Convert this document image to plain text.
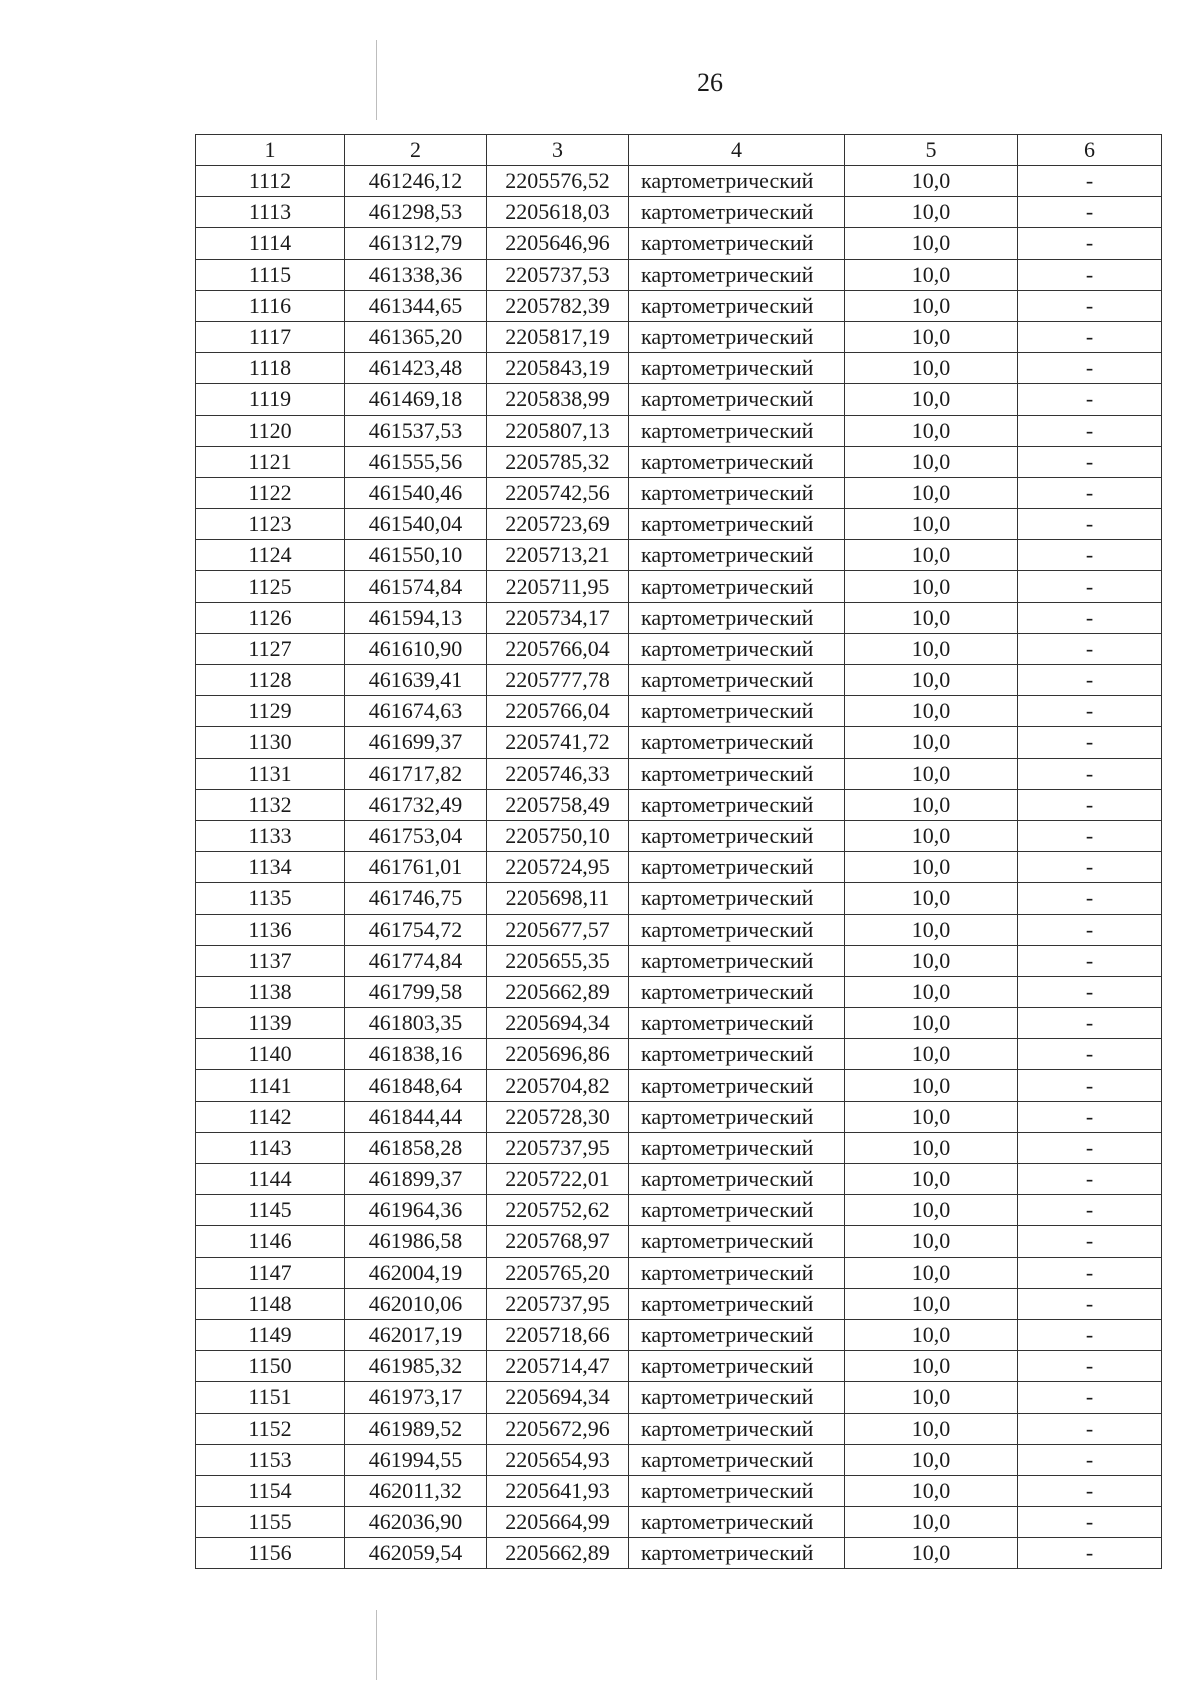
26
1	2	3	4	5	6
1112	461246,12	2205576,52	картометрический	10,0	-
1113	461298,53	2205618,03	картометрический	10,0	-
1114	461312,79	2205646,96	картометрический	10,0	-
1115	461338,36	2205737,53	картометрический	10,0	-
1116	461344,65	2205782,39	картометрический	10,0	-
1117	461365,20	2205817,19	картометрический	10,0	-
1118	461423,48	2205843,19	картометрический	10,0	-
1119	461469,18	2205838,99	картометрический	10,0	-
1120	461537,53	2205807,13	картометрический	10,0	-
1121	461555,56	2205785,32	картометрический	10,0	-
1122	461540,46	2205742,56	картометрический	10,0	-
1123	461540,04	2205723,69	картометрический	10,0	-
1124	461550,10	2205713,21	картометрический	10,0	-
1125	461574,84	2205711,95	картометрический	10,0	-
1126	461594,13	2205734,17	картометрический	10,0	-
1127	461610,90	2205766,04	картометрический	10,0	-
1128	461639,41	2205777,78	картометрический	10,0	-
1129	461674,63	2205766,04	картометрический	10,0	-
1130	461699,37	2205741,72	картометрический	10,0	-
1131	461717,82	2205746,33	картометрический	10,0	-
1132	461732,49	2205758,49	картометрический	10,0	-
1133	461753,04	2205750,10	картометрический	10,0	-
1134	461761,01	2205724,95	картометрический	10,0	-
1135	461746,75	2205698,11	картометрический	10,0	-
1136	461754,72	2205677,57	картометрический	10,0	-
1137	461774,84	2205655,35	картометрический	10,0	-
1138	461799,58	2205662,89	картометрический	10,0	-
1139	461803,35	2205694,34	картометрический	10,0	-
1140	461838,16	2205696,86	картометрический	10,0	-
1141	461848,64	2205704,82	картометрический	10,0	-
1142	461844,44	2205728,30	картометрический	10,0	-
1143	461858,28	2205737,95	картометрический	10,0	-
1144	461899,37	2205722,01	картометрический	10,0	-
1145	461964,36	2205752,62	картометрический	10,0	-
1146	461986,58	2205768,97	картометрический	10,0	-
1147	462004,19	2205765,20	картометрический	10,0	-
1148	462010,06	2205737,95	картометрический	10,0	-
1149	462017,19	2205718,66	картометрический	10,0	-
1150	461985,32	2205714,47	картометрический	10,0	-
1151	461973,17	2205694,34	картометрический	10,0	-
1152	461989,52	2205672,96	картометрический	10,0	-
1153	461994,55	2205654,93	картометрический	10,0	-
1154	462011,32	2205641,93	картометрический	10,0	-
1155	462036,90	2205664,99	картометрический	10,0	-
1156	462059,54	2205662,89	картометрический	10,0	-
